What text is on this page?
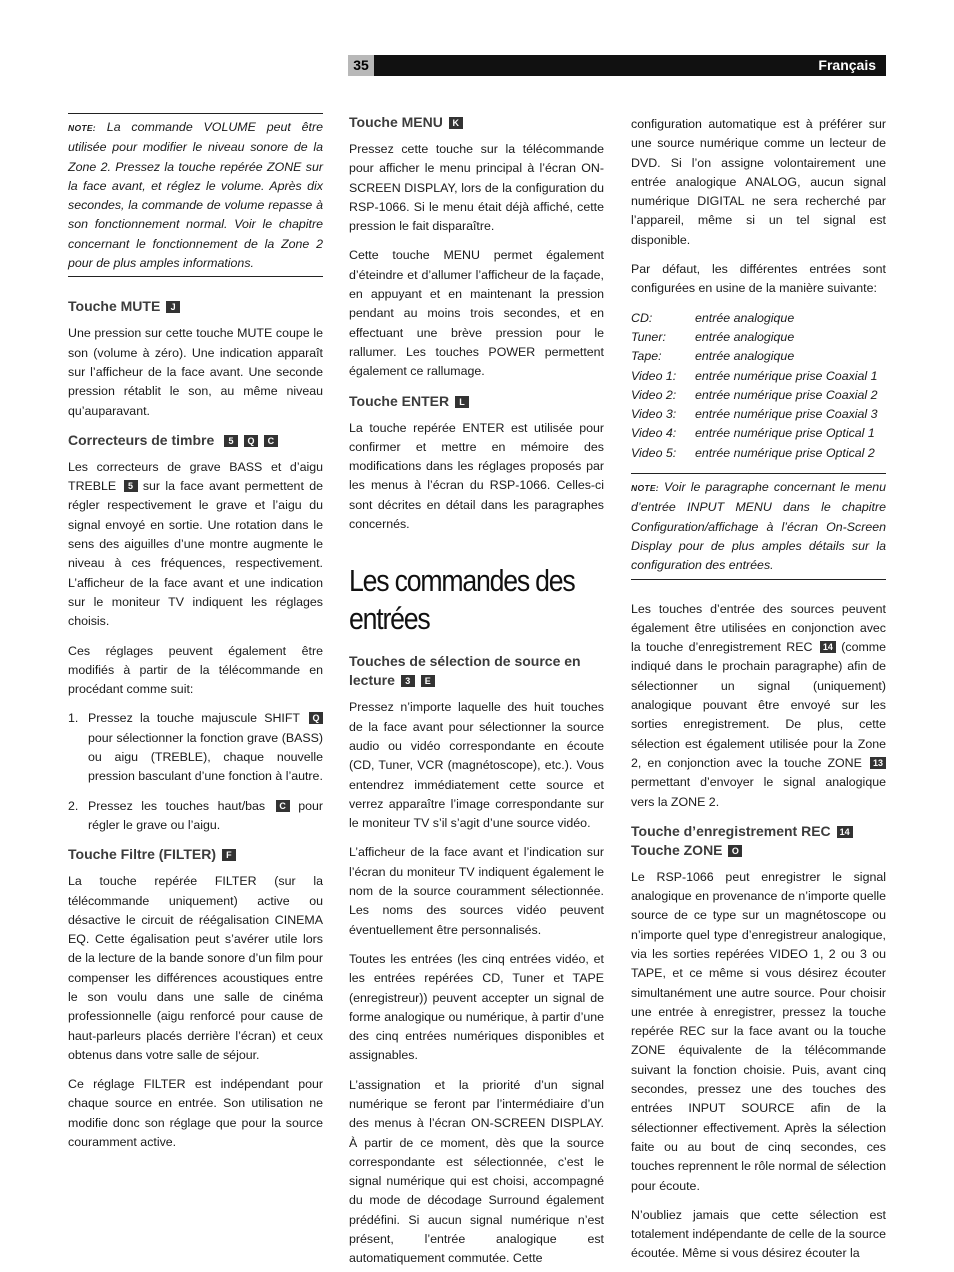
35	Français

NOTE: La commande VOLUME peut être utilisée pour modifier le niveau sonore de la Zone 2. Pressez la touche repérée ZONE sur la face avant, et réglez le volume. Après dix secondes, la commande de volume repasse à son fonctionnement normal. Voir le chapitre concernant le fonctionnement de la Zone 2 pour de plus amples informations.

Touche MUTE J

Une pression sur cette touche MUTE coupe le son (volume à zéro). Une indication apparaît sur l’afficheur de la face avant. Une seconde pression rétablit le son, au même niveau qu’auparavant.

Correcteurs de timbre 5 Q C

Les correcteurs de grave BASS et d’aigu TREBLE 5 sur la face avant permettent de régler respectivement le grave et l’aigu du signal envoyé en sortie. Une rotation dans le sens des aiguilles d’une montre augmente le niveau à ces fréquences, respectivement. L’afficheur de la face avant et une indication sur le moniteur TV indiquent les réglages choisis.

Ces réglages peuvent également être modifiés à partir de la télécommande en procédant comme suit:

1. Pressez la touche majuscule SHIFT Q pour sélectionner la fonction grave (BASS) ou aigu (TREBLE), chaque nouvelle pression basculant d’une fonction à l’autre.
2. Pressez les touches haut/bas C pour régler le grave ou l’aigu.
Touche Filtre (FILTER) F

La touche repérée FILTER (sur la télécommande uniquement) active ou désactive le circuit de réégalisation CINEMA EQ. Cette égalisation peut s’avérer utile lors de la lecture de la bande sonore d’un film pour compenser les différences acoustiques entre le son voulu dans une salle de cinéma professionnelle (aigu renforcé pour cause de haut-parleurs placés derrière l’écran) et ceux obtenus dans votre salle de séjour.

Ce réglage FILTER est indépendant pour chaque source en entrée. Son utilisation ne modifie donc son réglage que pour la source couramment active.

Touche MENU K

Pressez cette touche sur la télécommande pour afficher le menu principal à l’écran ON-SCREEN DISPLAY, lors de la configuration du RSP-1066. Si le menu était déjà affiché, cette pression le fait disparaître.

Cette touche MENU permet également d’éteindre et d’allumer l’afficheur de la façade, en appuyant et en maintenant la pression pendant au moins trois secondes, et en effectuant une brève pression pour le rallumer. Les touches POWER permettent également ce rallumage.

Touche ENTER L

La touche repérée ENTER est utilisée pour confirmer et mettre en mémoire des modifications dans les réglages proposés par les menus à l’écran du RSP-1066. Celles-ci sont décrites en détail dans les paragraphes concernés.

Les commandes des
entrées
Touches de sélection de source en lecture 3 E

Pressez n’importe laquelle des huit touches de la face avant pour sélectionner la source audio ou vidéo correspondante en écoute (CD, Tuner, VCR (magnétoscope), etc.). Vous entendrez immédiatement cette source et verrez apparaître l’image correspondante sur le moniteur TV s’il s’agit d’une source vidéo.

L’afficheur de la face avant et l’indication sur l’écran du moniteur TV indiquent également le nom de la source couramment sélectionnée. Les noms des sources vidéo peuvent éventuellement être personnalisés.

Toutes les entrées (les cinq entrées vidéo, et les entrées repérées CD, Tuner et TAPE (enregistreur)) peuvent accepter un signal de forme analogique ou numérique, à partir d’une des cinq entrées numériques disponibles et assignables.

L’assignation et la priorité d’un signal numérique se feront par l’intermédiaire d’un des menus à l’écran ON-SCREEN DISPLAY. À partir de ce moment, dès que la source correspondante est sélectionnée, c’est le signal numérique qui est choisi, accompagné du mode de décodage Surround également prédéfini. Si aucun signal numérique n’est présent, l’entrée analogique est automatiquement commutée. Cette

configuration automatique est à préférer sur une source numérique comme un lecteur de DVD. Si l’on assigne volontairement une entrée analogique ANALOG, aucun signal numérique DIGITAL ne sera recherché par l’appareil, même si un tel signal est disponible.

Par défaut, les différentes entrées sont configurées en usine de la manière suivante:

CD:	entrée analogique
Tuner:	entrée analogique
Tape:	entrée analogique
Video 1:	entrée numérique prise Coaxial 1
Video 2:	entrée numérique prise Coaxial 2
Video 3:	entrée numérique prise Coaxial 3
Video 4:	entrée numérique prise Optical 1
Video 5:	entrée numérique prise Optical 2

NOTE: Voir le paragraphe concernant le menu d’entrée INPUT MENU dans le chapitre Configuration/affichage à l’écran On-Screen Display pour de plus amples détails sur la configuration des entrées.

Les touches d’entrée des sources peuvent également être utilisées en conjonction avec la touche d’enregistrement REC 14 (comme indiqué dans le prochain paragraphe) afin de sélectionner un signal (uniquement) analogique pouvant être envoyé sur les sorties enregistrement. De plus, cette sélection est également utilisée pour la Zone 2, en conjonction avec la touche ZONE 13 permettant d’envoyer le signal analogique vers la ZONE 2.

Touche d’enregistrement REC 14
Touche ZONE O

Le RSP-1066 peut enregistrer le signal analogique en provenance de n’importe quelle source de ce type sur un magnétoscope ou n’importe quel type d’enregistreur analogique, via les sorties repérées VIDEO 1, 2 ou 3 ou TAPE, et ce même si vous désirez écouter simultanément une autre source. Pour choisir une entrée à enregistrer, pressez la touche repérée REC sur la face avant ou la touche ZONE équivalente de la télécommande suivant la fonction choisie. Puis, avant cinq secondes, pressez une des touches des entrées INPUT SOURCE afin de la sélectionner effectivement. Après la sélection faite ou au bout de cinq secondes, ces touches reprennent le rôle normal de sélection pour écoute.

N’oubliez jamais que cette sélection est totalement indépendante de celle de la source écoutée. Même si vous désirez écouter la
